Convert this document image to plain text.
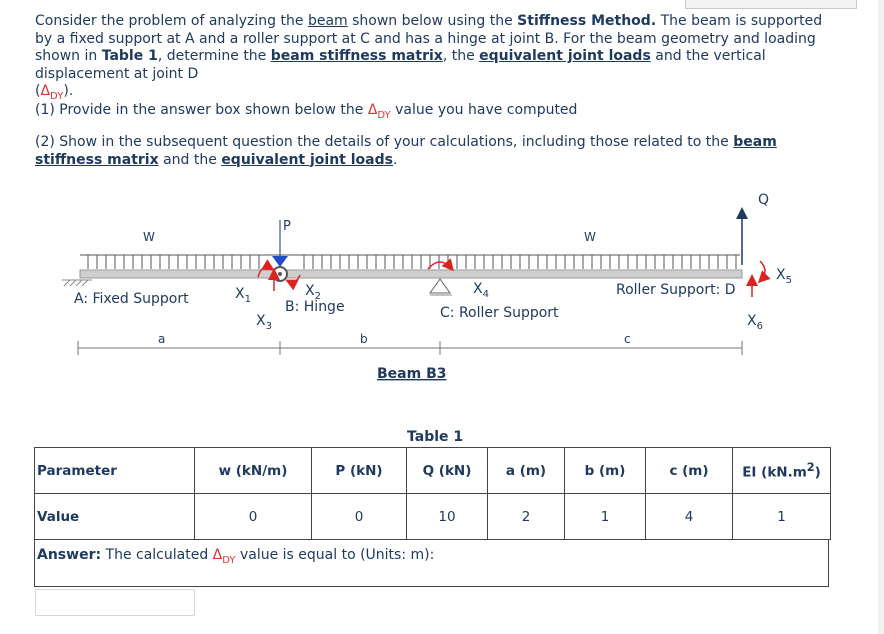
Consider the problem of analyzing the beam shown below using the Stiffness Method. The beam is supported by a fixed support at A and a roller support at C and has a hinge at joint B. For the beam geometry and loading shown in Table 1, determine the beam stiffness matrix, the equivalent joint loads and the vertical displacement at joint D
$(\Delta_{DY})$.

(1) Provide in the answer box shown below the $\Delta_{DY}$ value you have computed

(2) Show in the subsequent question the details of your calculations, including those related to the beam stiffness matrix and the equivalent joint loads.

P
Q
W	W
A: Fixed Support	B: Hinge	C: Roller Support
Roller Support: D
$X_1$
$X_2$
$X_3$
$X_4$
$X_5$
$X_6$
a	b	c
Beam B3
Table 1
Parameter	w (kN/m)	P (kN)	Q (kN)	a (m)	b (m)	c (m)	EI $(kN.m^2)$
Value	0	0	10	2	1	4	1
Answer: The calculated $\Delta_{DY}$ value is equal to (Units: m):
